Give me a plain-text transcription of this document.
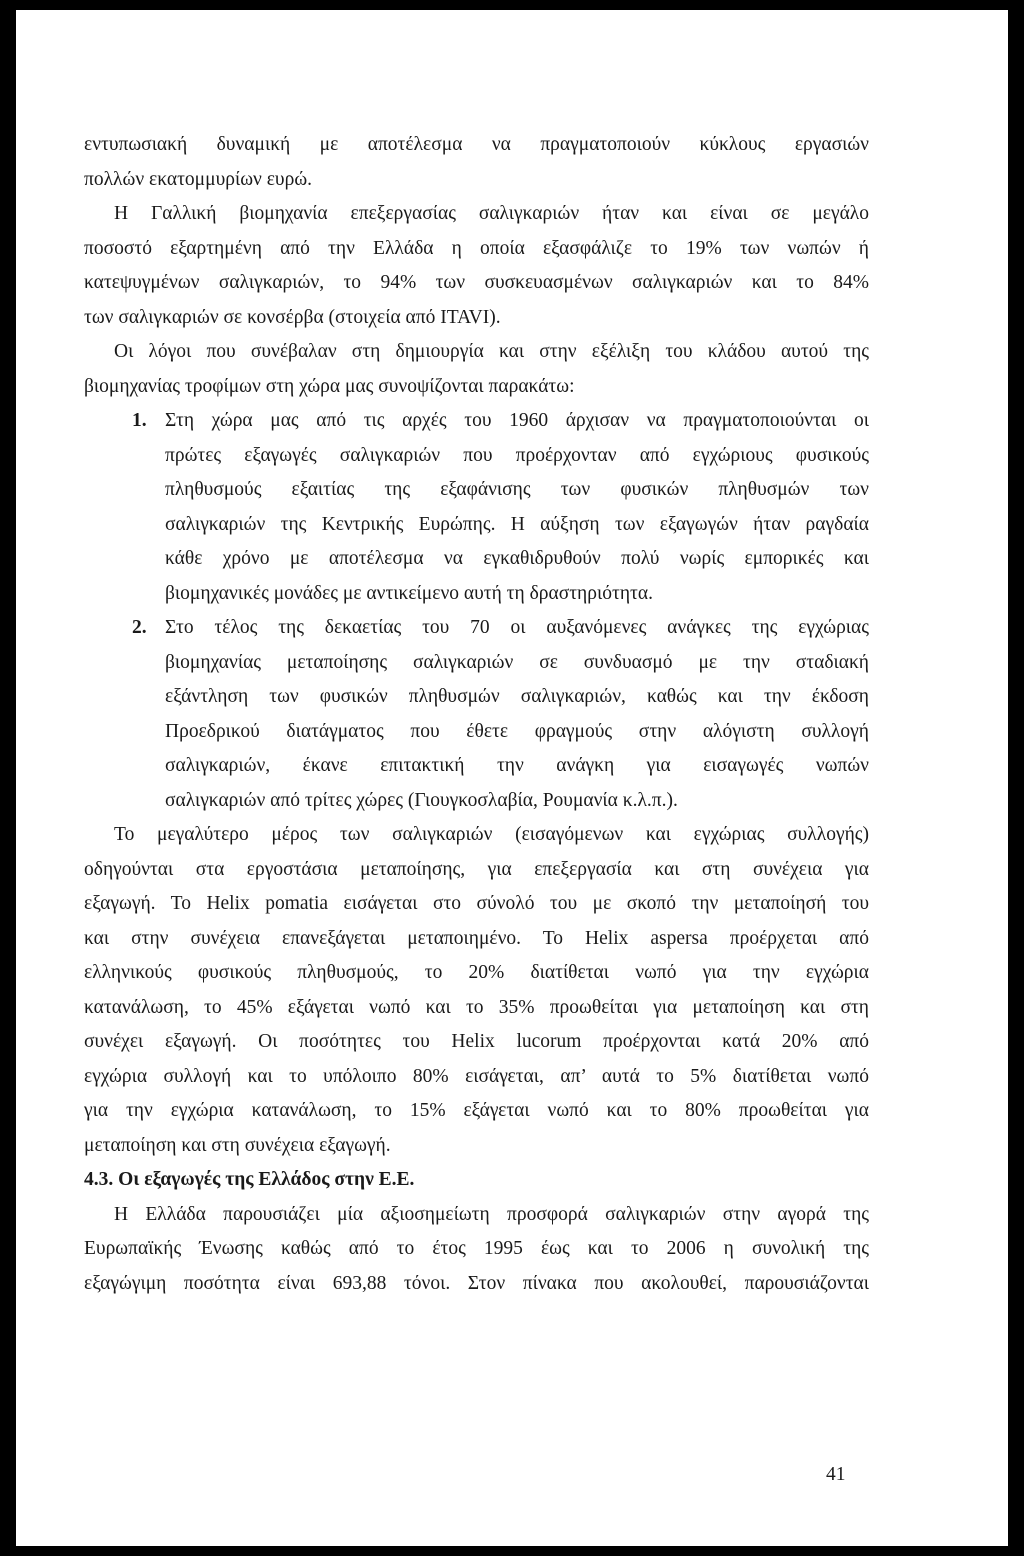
εντυπωσιακή δυναμική με αποτέλεσμα να πραγματοποιούν κύκλους εργασιών
πολλών εκατομμυρίων ευρώ.
Η Γαλλική βιομηχανία επεξεργασίας σαλιγκαριών ήταν και είναι σε μεγάλο
ποσοστό εξαρτημένη από την Ελλάδα η οποία εξασφάλιζε το 19% των νωπών ή
κατεψυγμένων σαλιγκαριών, το 94% των συσκευασμένων σαλιγκαριών και το 84%
των σαλιγκαριών σε κονσέρβα (στοιχεία από ITAVI).
Οι λόγοι που συνέβαλαν στη δημιουργία και στην εξέλιξη του κλάδου αυτού της
βιομηχανίας τροφίμων στη χώρα μας συνοψίζονται παρακάτω:
1. Στη χώρα μας από τις αρχές του 1960 άρχισαν να πραγματοποιούνται οι
πρώτες εξαγωγές σαλιγκαριών που προέρχονταν από εγχώριους φυσικούς
πληθυσμούς εξαιτίας της εξαφάνισης των φυσικών πληθυσμών των
σαλιγκαριών της Κεντρικής Ευρώπης. Η αύξηση των εξαγωγών ήταν ραγδαία
κάθε χρόνο με αποτέλεσμα να εγκαθιδρυθούν πολύ νωρίς εμπορικές και
βιομηχανικές μονάδες με αντικείμενο αυτή τη δραστηριότητα.
2. Στο τέλος της δεκαετίας του 70 οι αυξανόμενες ανάγκες της εγχώριας
βιομηχανίας μεταποίησης σαλιγκαριών σε συνδυασμό με την σταδιακή
εξάντληση των φυσικών πληθυσμών σαλιγκαριών, καθώς και την έκδοση
Προεδρικού διατάγματος που έθετε φραγμούς στην αλόγιστη συλλογή
σαλιγκαριών, έκανε επιτακτική την ανάγκη για εισαγωγές νωπών
σαλιγκαριών από τρίτες χώρες (Γιουγκοσλαβία, Ρουμανία κ.λ.π.).
Το μεγαλύτερο μέρος των σαλιγκαριών (εισαγόμενων και εγχώριας συλλογής)
οδηγούνται στα εργοστάσια μεταποίησης, για επεξεργασία και στη συνέχεια για
εξαγωγή. Το Helix pomatia εισάγεται στο σύνολό του με σκοπό την μεταποίησή του
και στην συνέχεια επανεξάγεται μεταποιημένο. Το Helix aspersa προέρχεται από
ελληνικούς φυσικούς πληθυσμούς, το 20% διατίθεται νωπό για την εγχώρια
κατανάλωση, το 45% εξάγεται νωπό και το 35% προωθείται για μεταποίηση και στη
συνέχει εξαγωγή. Οι ποσότητες του Helix lucorum προέρχονται κατά 20% από
εγχώρια συλλογή και το υπόλοιπο 80% εισάγεται, απ’ αυτά το 5% διατίθεται νωπό
για την εγχώρια κατανάλωση, το 15% εξάγεται νωπό και το 80% προωθείται για
μεταποίηση και στη συνέχεια εξαγωγή.
4.3. Οι εξαγωγές της Ελλάδος στην Ε.Ε.
Η Ελλάδα παρουσιάζει μία αξιοσημείωτη προσφορά σαλιγκαριών στην αγορά της
Ευρωπαϊκής Ένωσης καθώς από το έτος 1995 έως και το 2006 η συνολική της
εξαγώγιμη ποσότητα είναι 693,88 τόνοι. Στον πίνακα που ακολουθεί, παρουσιάζονται
41
